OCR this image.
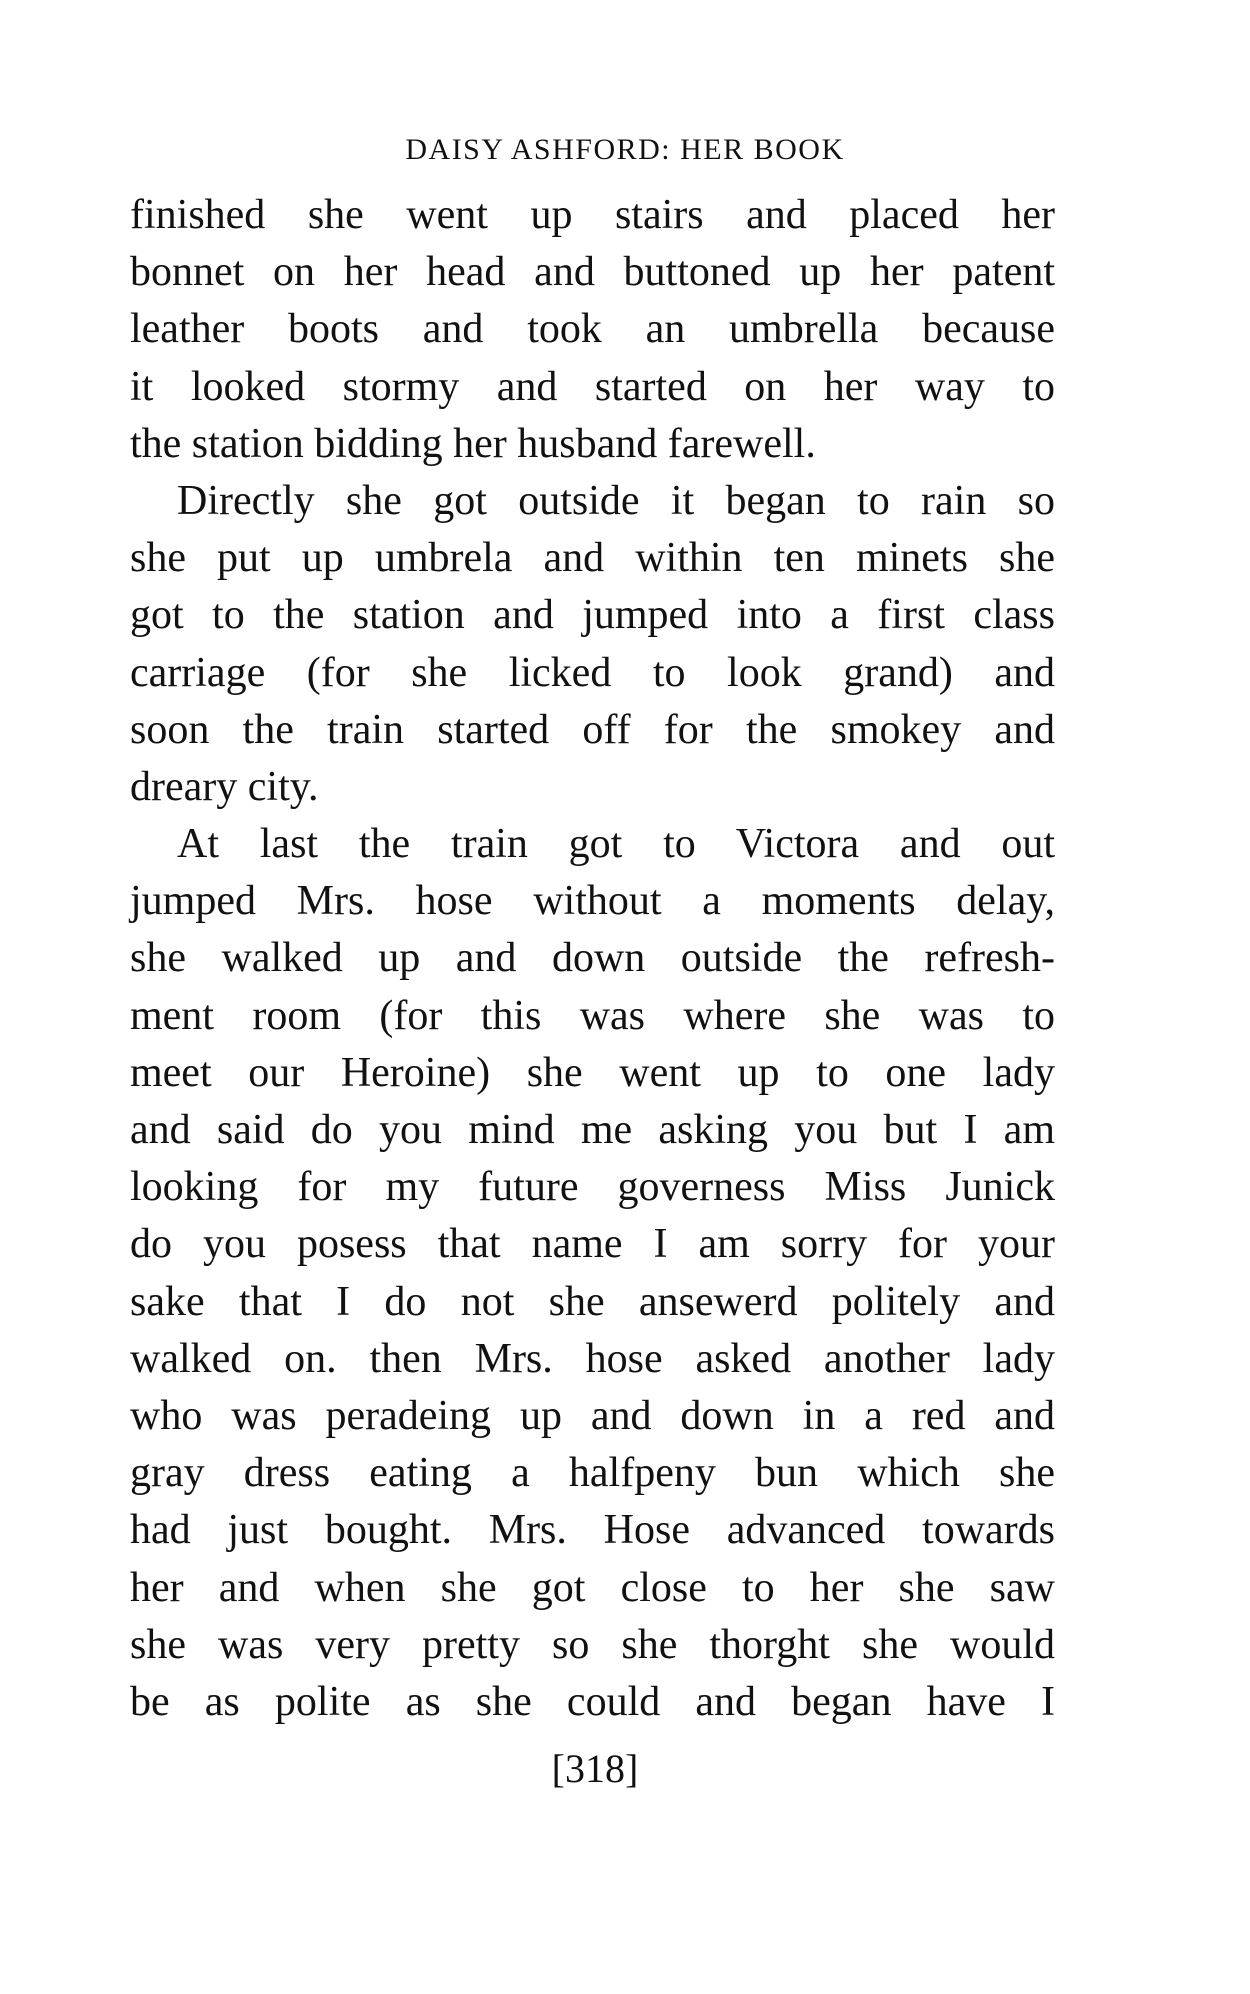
DAISY ASHFORD: HER BOOK
finished she went up stairs and placed her
bonnet on her head and buttoned up her patent
leather boots and took an umbrella because
it looked stormy and started on her way to
the station bidding her husband farewell.
Directly she got outside it began to rain so
she put up umbrela and within ten minets she
got to the station and jumped into a first class
carriage (for she licked to look grand) and
soon the train started off for the smokey and
dreary city.
At last the train got to Victora and out
jumped Mrs. hose without a moments delay,
she walked up and down outside the refresh-
ment room (for this was where she was to
meet our Heroine) she went up to one lady
and said do you mind me asking you but I am
looking for my future governess Miss Junick
do you posess that name I am sorry for your
sake that I do not she ansewerd politely and
walked on. then Mrs. hose asked another lady
who was peradeing up and down in a red and
gray dress eating a halfpeny bun which she
had just bought. Mrs. Hose advanced towards
her and when she got close to her she saw
she was very pretty so she thorght she would
be as polite as she could and began have I
[318]
